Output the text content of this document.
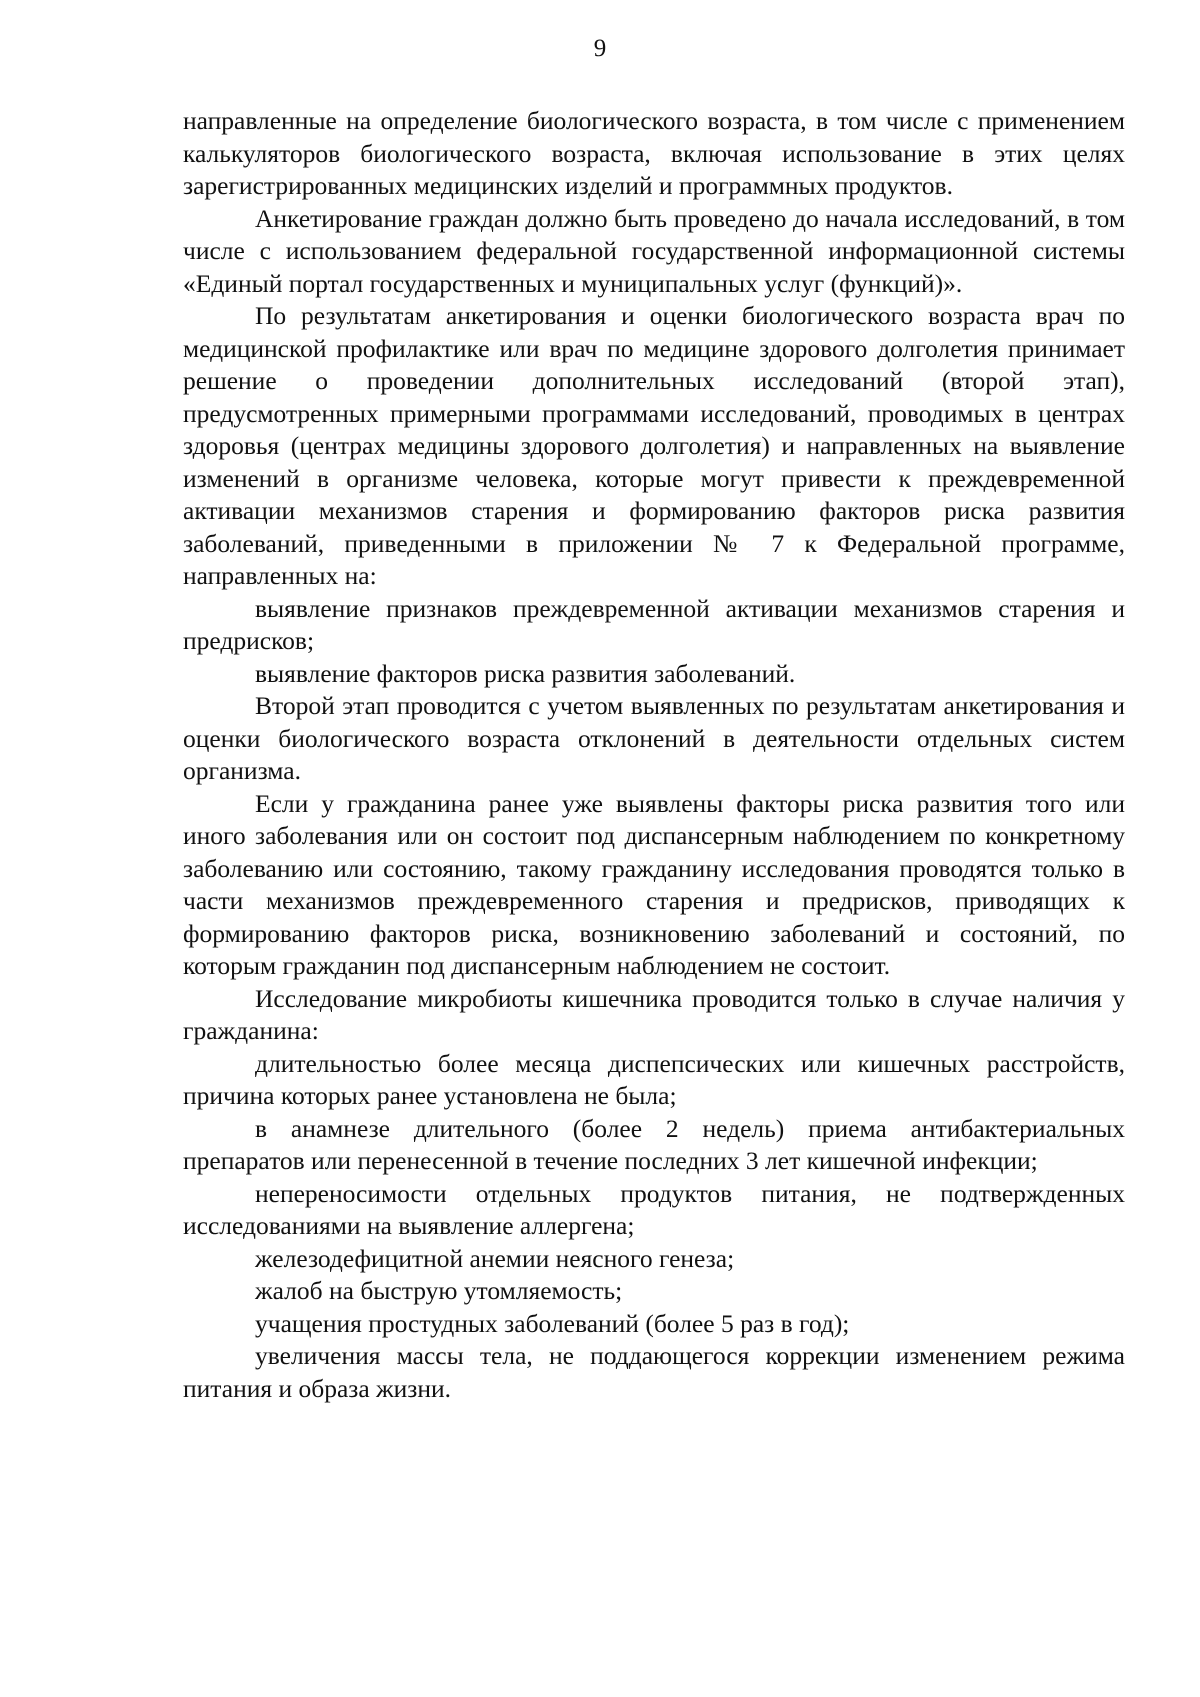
9

направленные на определение биологического возраста, в том числе с применением калькуляторов биологического возраста, включая использование в этих целях зарегистрированных медицинских изделий и программных продуктов.

Анкетирование граждан должно быть проведено до начала исследований, в том числе с использованием федеральной государственной информационной системы «Единый портал государственных и муниципальных услуг (функций)».

По результатам анкетирования и оценки биологического возраста врач по медицинской профилактике или врач по медицине здорового долголетия принимает решение о проведении дополнительных исследований (второй этап), предусмотренных примерными программами исследований, проводимых в центрах здоровья (центрах медицины здорового долголетия) и направленных на выявление изменений в организме человека, которые могут привести к преждевременной активации механизмов старения и формированию факторов риска развития заболеваний, приведенными в приложении № 7 к Федеральной программе, направленных на:

выявление признаков преждевременной активации механизмов старения и предрисков;

выявление факторов риска развития заболеваний.

Второй этап проводится с учетом выявленных по результатам анкетирования и оценки биологического возраста отклонений в деятельности отдельных систем организма.

Если у гражданина ранее уже выявлены факторы риска развития того или иного заболевания или он состоит под диспансерным наблюдением по конкретному заболеванию или состоянию, такому гражданину исследования проводятся только в части механизмов преждевременного старения и предрисков, приводящих к формированию факторов риска, возникновению заболеваний и состояний, по которым гражданин под диспансерным наблюдением не состоит.

Исследование микробиоты кишечника проводится только в случае наличия у гражданина:

длительностью более месяца диспепсических или кишечных расстройств, причина которых ранее установлена не была;

в анамнезе длительного (более 2 недель) приема антибактериальных препаратов или перенесенной в течение последних 3 лет кишечной инфекции;

непереносимости отдельных продуктов питания, не подтвержденных исследованиями на выявление аллергена;

железодефицитной анемии неясного генеза;

жалоб на быструю утомляемость;

учащения простудных заболеваний (более 5 раз в год);

увеличения массы тела, не поддающегося коррекции изменением режима питания и образа жизни.
